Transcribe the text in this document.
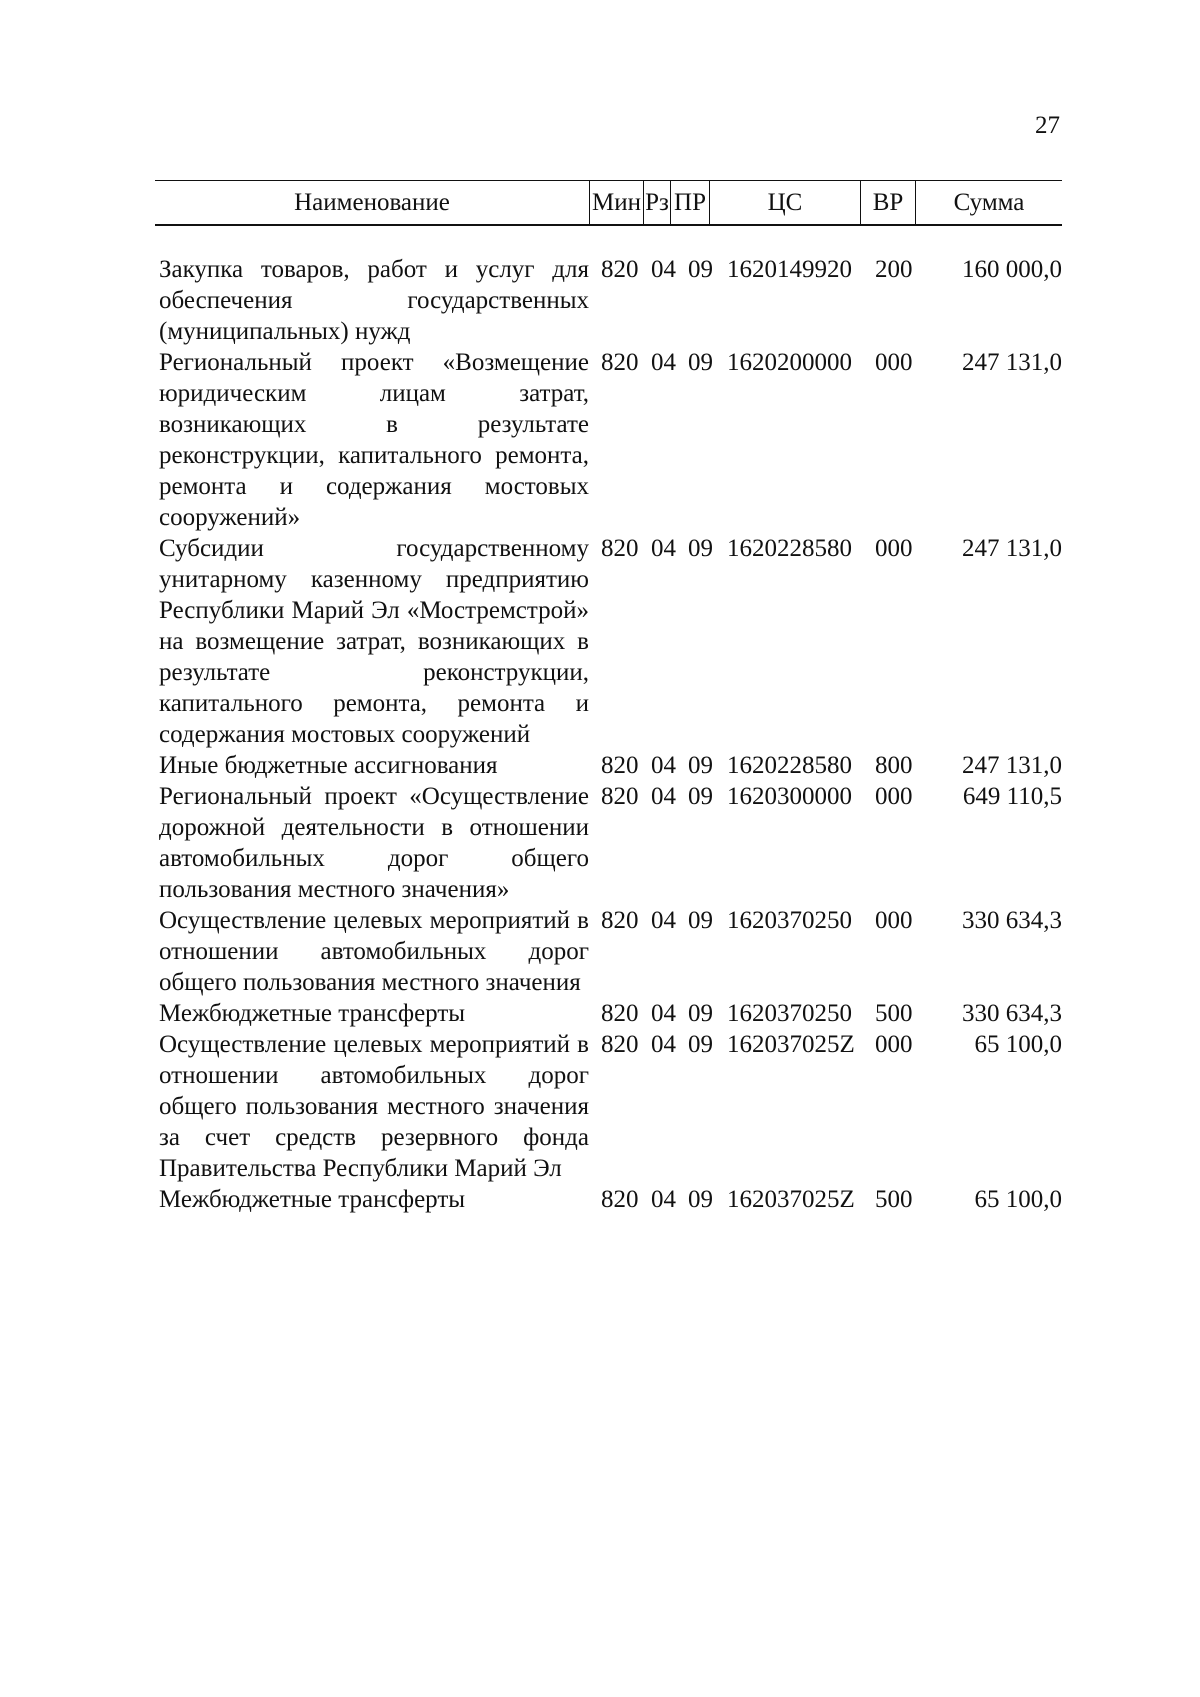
27
Наименование	Мин Рз ПР	ЦС	ВР	Сумма
Закупка товаров, работ и услуг для обеспечения государственных (муниципальных) нужд
820 04 09 1620149920 200	160 000,0
Региональный проект «Возмещение юридическим лицам затрат, возникающих в результате реконструкции, капитального ремонта, ремонта и содержания мостовых сооружений»
820 04 09 1620200000 000	247 131,0
Субсидии государственному унитарному казенному предприятию Республики Марий Эл «Мостремстрой» на возмещение затрат, возникающих в результате реконструкции, капитального ремонта, ремонта и содержания мостовых сооружений
820 04 09 1620228580 000	247 131,0
Иные бюджетные ассигнования	820 04 09 1620228580 800	247 131,0
Региональный проект «Осуществление дорожной деятельности в отношении автомобильных дорог общего пользования местного значения»
820 04 09 1620300000 000	649 110,5
Осуществление целевых мероприятий в отношении автомобильных дорог общего пользования местного значения
820 04 09 1620370250 000	330 634,3
Межбюджетные трансферты	820 04 09 1620370250 500	330 634,3
Осуществление целевых мероприятий в отношении автомобильных дорог общего пользования местного значения за счет средств резервного фонда Правительства Республики Марий Эл
820 04 09 162037025Z 000	65 100,0
Межбюджетные трансферты	820 04 09 162037025Z 500	65 100,0
